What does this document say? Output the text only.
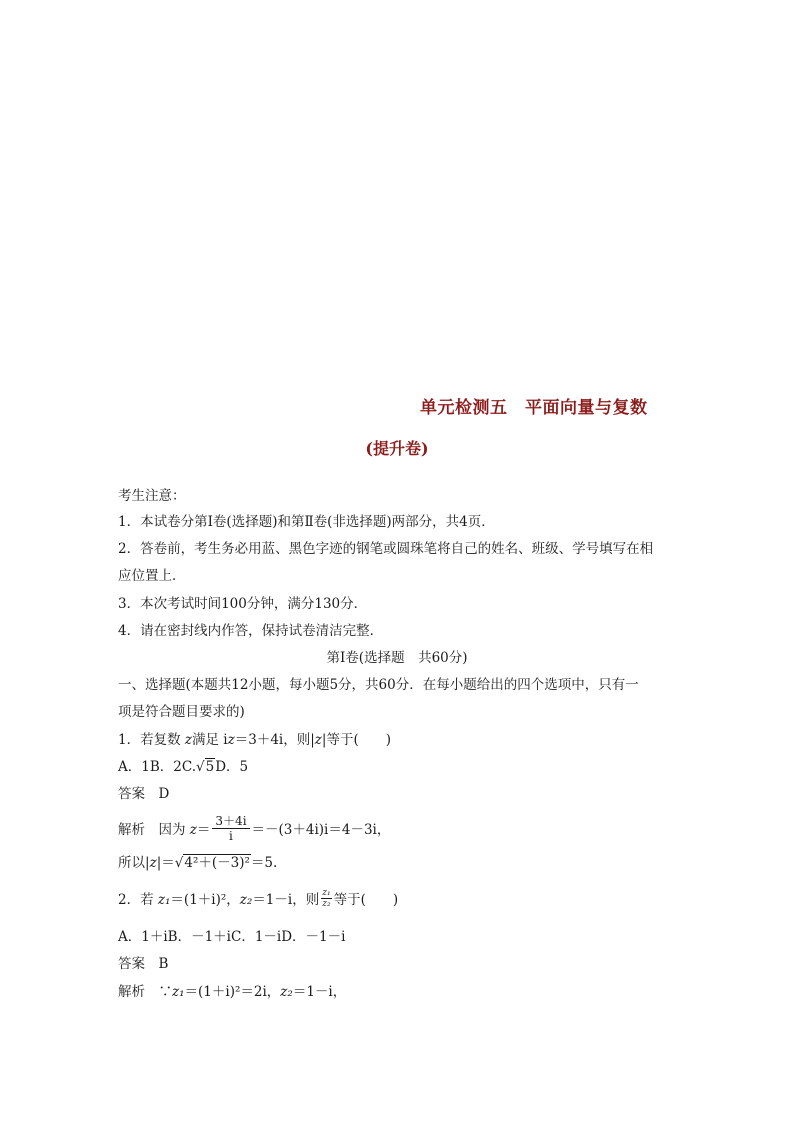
单元检测五　平面向量与复数
(提升卷)
考生注意：
1．本试卷分第Ⅰ卷(选择题)和第Ⅱ卷(非选择题)两部分，共4页．
2．答卷前，考生务必用蓝、黑色字迹的钢笔或圆珠笔将自己的姓名、班级、学号填写在相
应位置上．
3．本次考试时间100分钟，满分130分．
4．请在密封线内作答，保持试卷清洁完整．
第Ⅰ卷(选择题　共60分)
一、选择题(本题共12小题，每小题5分，共60分．在每小题给出的四个选项中，只有一
项是符合题目要求的)
1．若复数 z满足 iz＝3＋4i，则|z|等于(　　)
A．1B．2C.√5D．5
答案　D
解析　因为 $z= \frac{3+4i}{i} =-(3+4i)i=4-3i$，
所以|z|＝√4²＋(－3)²＝5.
2．若 z₁＝(1＋i)²，z₂＝1－i，则 $\frac{\text{z₁}}{\text{z₂}}$ 等于(　　)
A．1＋iB．－1＋iC．1－iD．－1－i
答案　B
解析　∵z₁＝(1＋i)²＝2i，z₂＝1－i，
